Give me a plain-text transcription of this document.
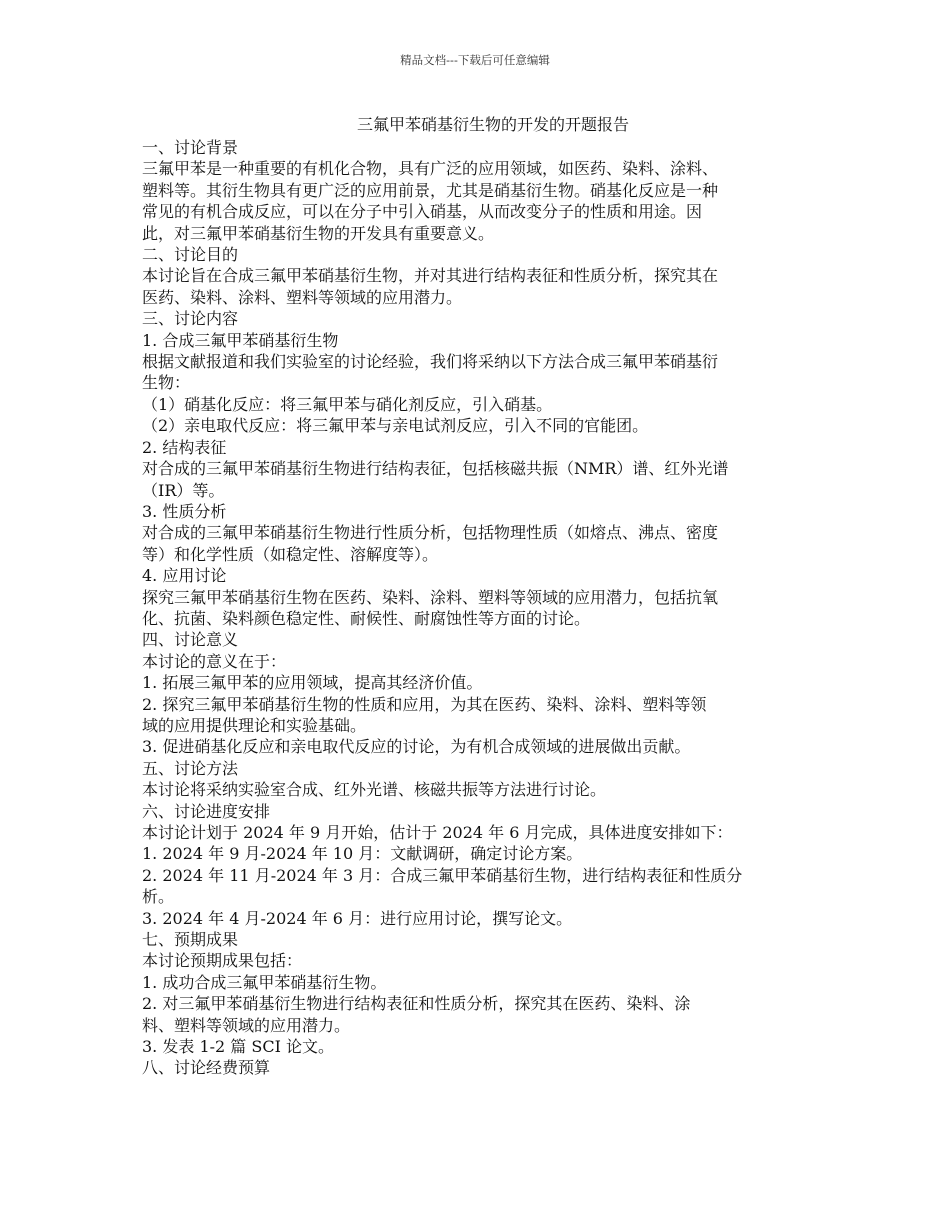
精品文档---下载后可任意编辑
三氟甲苯硝基衍生物的开发的开题报告
一、讨论背景
三氟甲苯是一种重要的有机化合物，具有广泛的应用领域，如医药、染料、涂料、
塑料等。其衍生物具有更广泛的应用前景，尤其是硝基衍生物。硝基化反应是一种
常见的有机合成反应，可以在分子中引入硝基，从而改变分子的性质和用途。因
此，对三氟甲苯硝基衍生物的开发具有重要意义。
二、讨论目的
本讨论旨在合成三氟甲苯硝基衍生物，并对其进行结构表征和性质分析，探究其在
医药、染料、涂料、塑料等领域的应用潜力。
三、讨论内容
1. 合成三氟甲苯硝基衍生物
根据文献报道和我们实验室的讨论经验，我们将采纳以下方法合成三氟甲苯硝基衍
生物：
（1）硝基化反应：将三氟甲苯与硝化剂反应，引入硝基。
（2）亲电取代反应：将三氟甲苯与亲电试剂反应，引入不同的官能团。
2. 结构表征
对合成的三氟甲苯硝基衍生物进行结构表征，包括核磁共振（NMR）谱、红外光谱
（IR）等。
3. 性质分析
对合成的三氟甲苯硝基衍生物进行性质分析，包括物理性质（如熔点、沸点、密度
等）和化学性质（如稳定性、溶解度等）。
4. 应用讨论
探究三氟甲苯硝基衍生物在医药、染料、涂料、塑料等领域的应用潜力，包括抗氧
化、抗菌、染料颜色稳定性、耐候性、耐腐蚀性等方面的讨论。
四、讨论意义
本讨论的意义在于：
1. 拓展三氟甲苯的应用领域，提高其经济价值。
2. 探究三氟甲苯硝基衍生物的性质和应用，为其在医药、染料、涂料、塑料等领
域的应用提供理论和实验基础。
3. 促进硝基化反应和亲电取代反应的讨论，为有机合成领域的进展做出贡献。
五、讨论方法
本讨论将采纳实验室合成、红外光谱、核磁共振等方法进行讨论。
六、讨论进度安排
本讨论计划于 2024 年 9 月开始，估计于 2024 年 6 月完成，具体进度安排如下：
1. 2024 年 9 月-2024 年 10 月：文献调研，确定讨论方案。
2. 2024 年 11 月-2024 年 3 月：合成三氟甲苯硝基衍生物，进行结构表征和性质分
析。
3. 2024 年 4 月-2024 年 6 月：进行应用讨论，撰写论文。
七、预期成果
本讨论预期成果包括：
1. 成功合成三氟甲苯硝基衍生物。
2. 对三氟甲苯硝基衍生物进行结构表征和性质分析，探究其在医药、染料、涂
料、塑料等领域的应用潜力。
3. 发表 1-2 篇 SCI 论文。
八、讨论经费预算
